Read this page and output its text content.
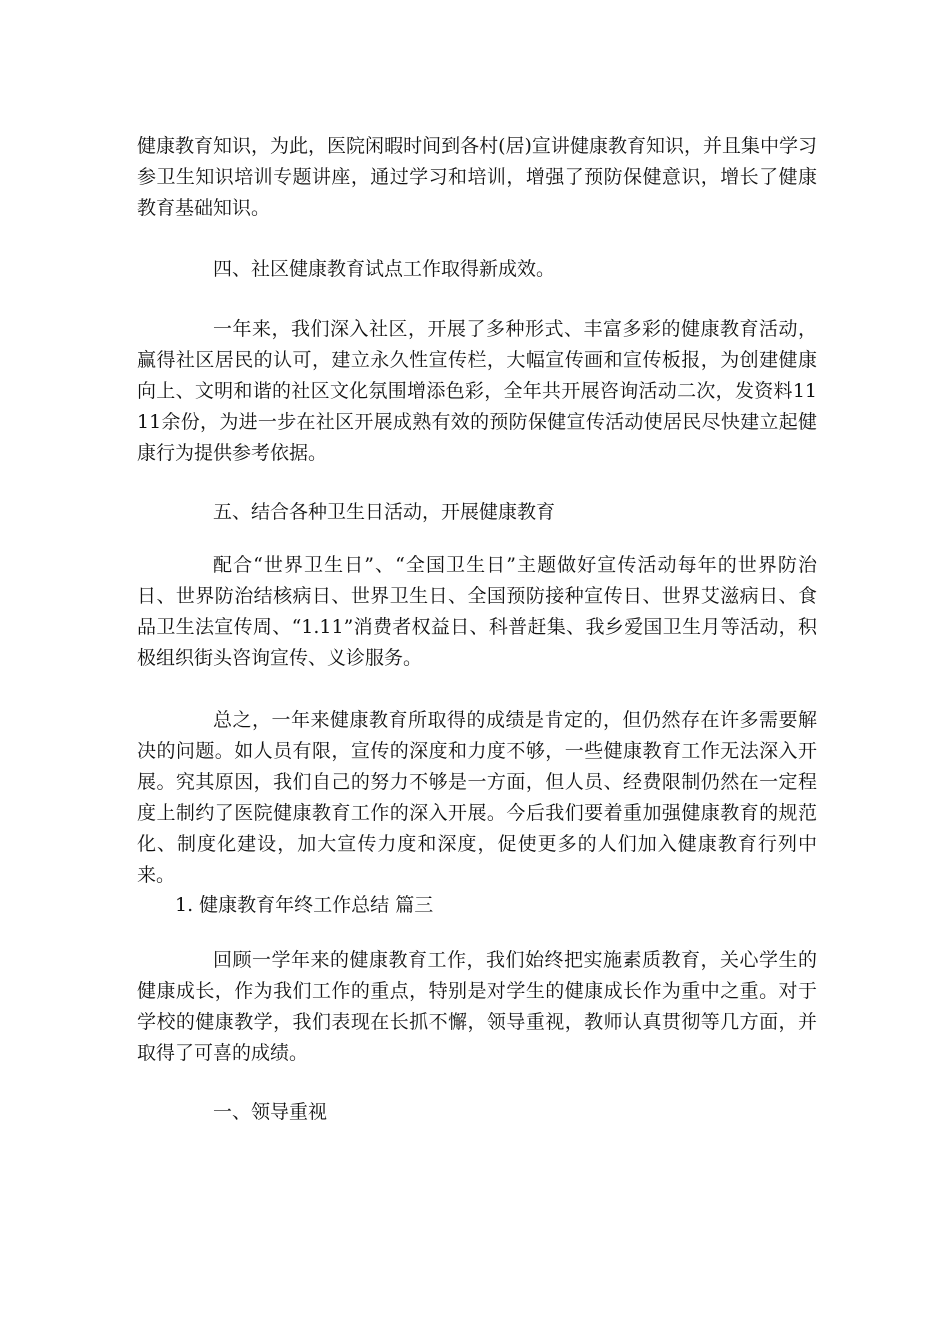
健康教育知识，为此，医院闲暇时间到各村(居)宣讲健康教育知识，并且集中学习参卫生知识培训专题讲座，通过学习和培训，增强了预防保健意识，增长了健康教育基础知识。

四、社区健康教育试点工作取得新成效。

一年来，我们深入社区，开展了多种形式、丰富多彩的健康教育活动，赢得社区居民的认可，建立永久性宣传栏，大幅宣传画和宣传板报，为创建健康向上、文明和谐的社区文化氛围增添色彩，全年共开展咨询活动二次，发资料1111余份，为进一步在社区开展成熟有效的预防保健宣传活动使居民尽快建立起健康行为提供参考依据。

五、结合各种卫生日活动，开展健康教育

配合“世界卫生日”、“全国卫生日”主题做好宣传活动每年的世界防治日、世界防治结核病日、世界卫生日、全国预防接种宣传日、世界艾滋病日、食品卫生法宣传周、“1.11”消费者权益日、科普赶集、我乡爱国卫生月等活动，积极组织街头咨询宣传、义诊服务。

总之，一年来健康教育所取得的成绩是肯定的，但仍然存在许多需要解决的问题。如人员有限，宣传的深度和力度不够，一些健康教育工作无法深入开展。究其原因，我们自己的努力不够是一方面，但人员、经费限制仍然在一定程度上制约了医院健康教育工作的深入开展。今后我们要着重加强健康教育的规范化、制度化建设，加大宣传力度和深度，促使更多的人们加入健康教育行列中来。

1. 健康教育年终工作总结 篇三

回顾一学年来的健康教育工作，我们始终把实施素质教育，关心学生的健康成长，作为我们工作的重点，特别是对学生的健康成长作为重中之重。对于学校的健康教学，我们表现在长抓不懈，领导重视，教师认真贯彻等几方面，并取得了可喜的成绩。

一、领导重视
